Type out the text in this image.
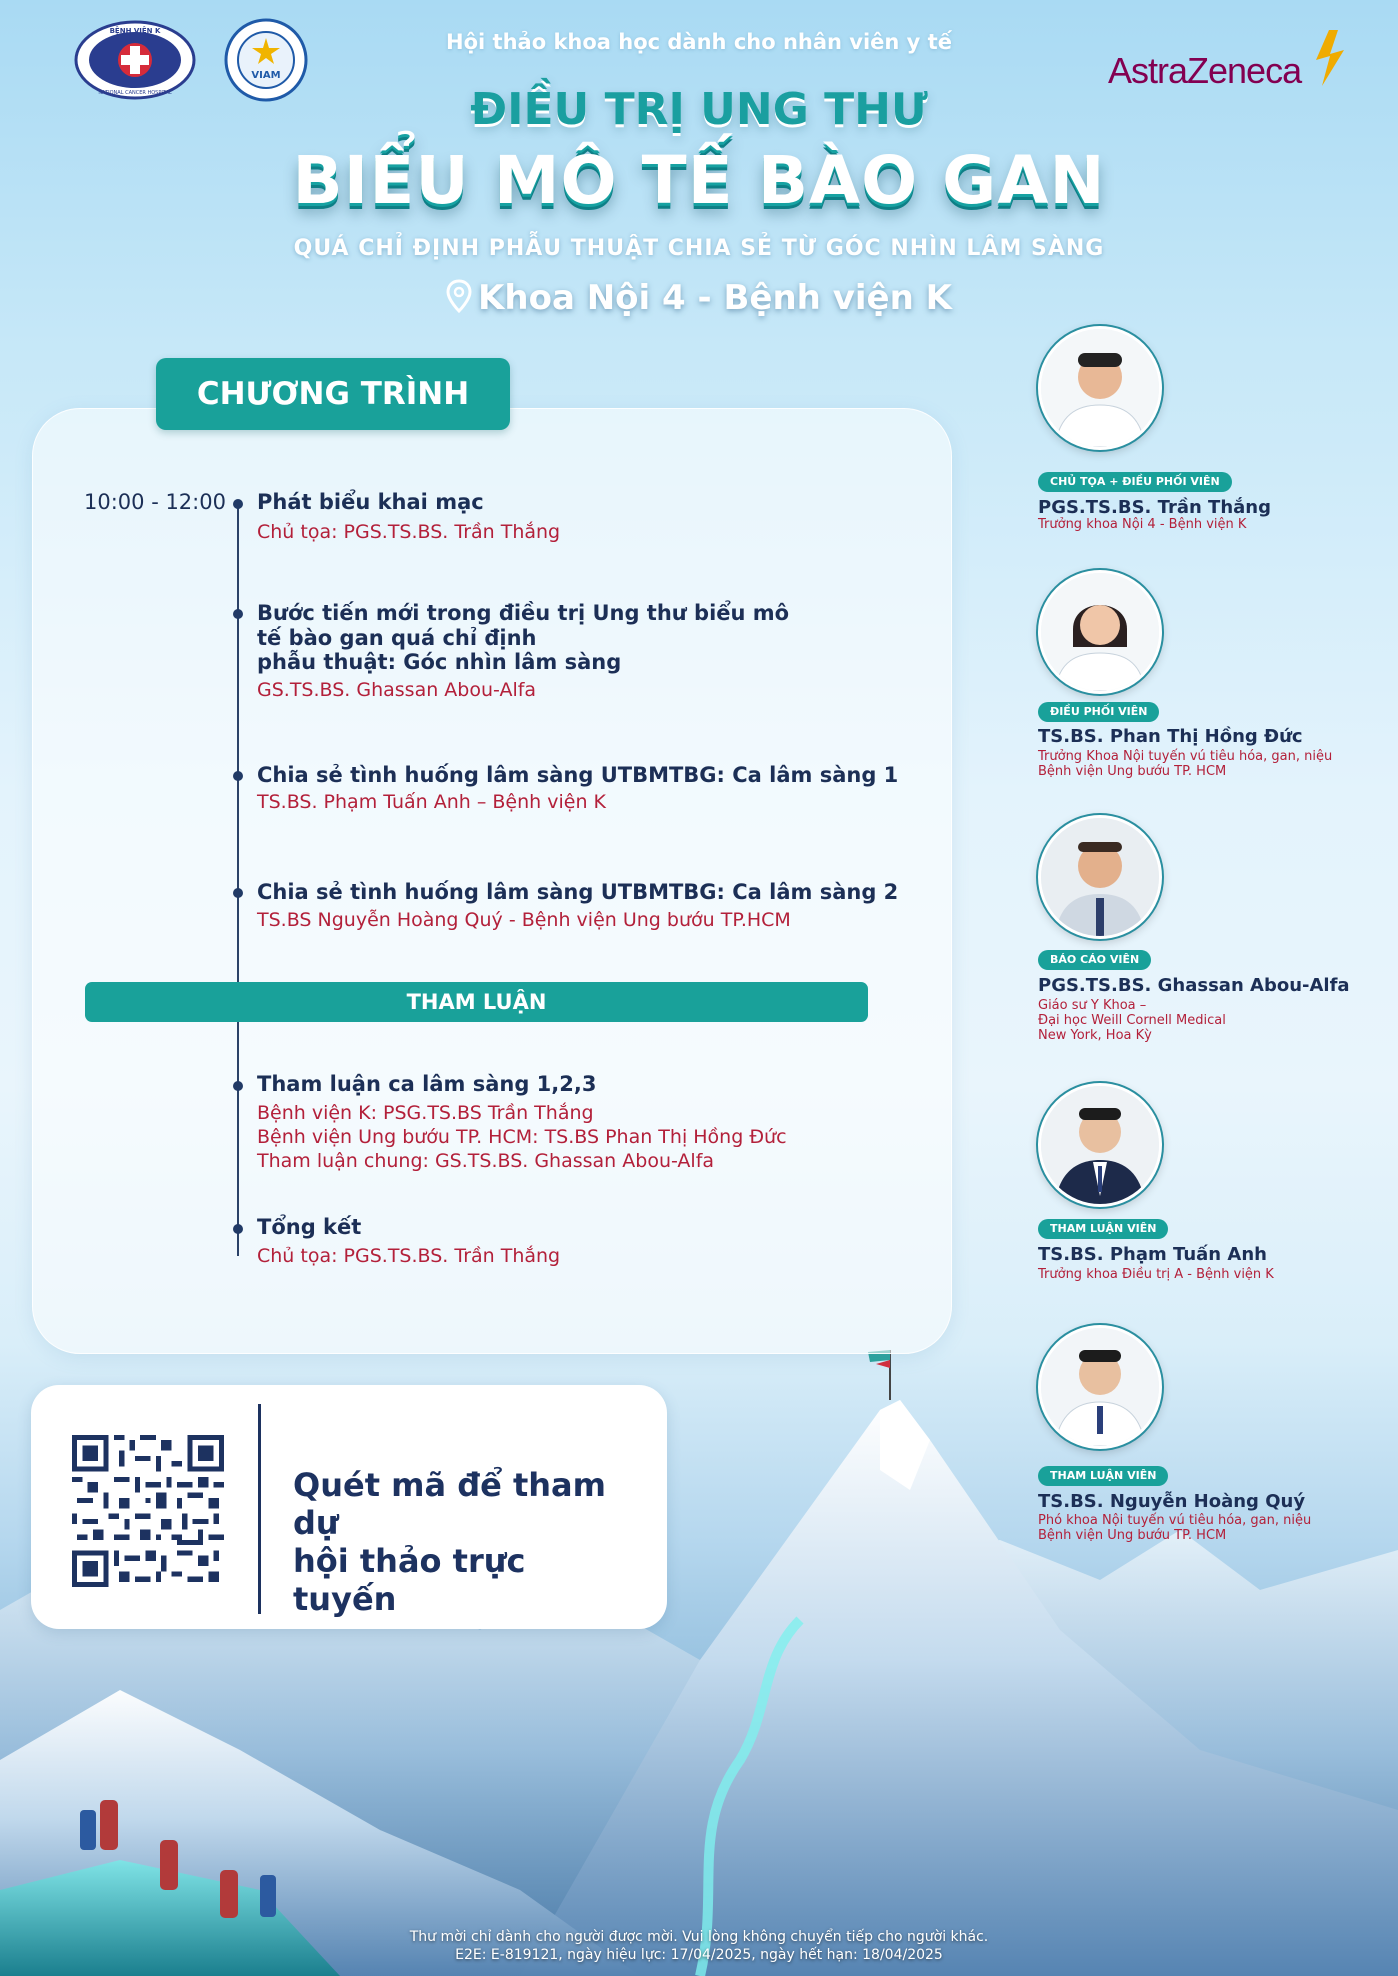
BỆNH VIỆN K
NATIONAL CANCER HOSPITAL
VIAM
Hội thảo khoa học dành cho nhân viên y tế
AstraZeneca
ĐIỀU TRỊ UNG THƯ
BIỂU MÔ TẾ BÀO GAN
QUÁ CHỈ ĐỊNH PHẪU THUẬT CHIA SẺ TỪ GÓC NHÌN LÂM SÀNG
Khoa Nội 4 - Bệnh viện K
CHƯƠNG TRÌNH
10:00 - 12:00 Phát biểu khai mạc
Chủ tọa: PGS.TS.BS. Trần Thắng
Bước tiến mới trong điều trị Ung thư biểu mô
tế bào gan quá chỉ định
phẫu thuật: Góc nhìn lâm sàng
GS.TS.BS. Ghassan Abou-Alfa
Chia sẻ tình huống lâm sàng UTBMTBG: Ca lâm sàng 1
TS.BS. Phạm Tuấn Anh – Bệnh viện K
Chia sẻ tình huống lâm sàng UTBMTBG: Ca lâm sàng 2
TS.BS Nguyễn Hoàng Quý - Bệnh viện Ung bướu TP.HCM
THAM LUẬN
Tham luận ca lâm sàng 1,2,3
Bệnh viện K: PSG.TS.BS Trần Thắng
Bệnh viện Ung bướu TP. HCM: TS.BS Phan Thị Hồng Đức
Tham luận chung: GS.TS.BS. Ghassan Abou-Alfa
Tổng kết
Chủ tọa: PGS.TS.BS. Trần Thắng
Quét mã để tham dự
hội thảo trực tuyến
CHỦ TỌA + ĐIỀU PHỐI VIÊN
PGS.TS.BS. Trần Thắng
Trưởng khoa Nội 4 - Bệnh viện K
ĐIỀU PHỐI VIÊN
TS.BS. Phan Thị Hồng Đức
Trưởng Khoa Nội tuyến vú tiêu hóa, gan, niệu
Bệnh viện Ung bướu TP. HCM
BÁO CÁO VIÊN
PGS.TS.BS. Ghassan Abou-Alfa
Giáo sư Y Khoa –
Đại học Weill Cornell Medical
New York, Hoa Kỳ
THAM LUẬN VIÊN
TS.BS. Phạm Tuấn Anh
Trưởng khoa Điều trị A - Bệnh viện K
THAM LUẬN VIÊN
TS.BS. Nguyễn Hoàng Quý
Phó khoa Nội tuyến vú tiêu hóa, gan, niệu
Bệnh viện Ung bướu TP. HCM
Thư mời chỉ dành cho người được mời. Vui lòng không chuyển tiếp cho người khác.
E2E: E-819121, ngày hiệu lực: 17/04/2025, ngày hết hạn: 18/04/2025
